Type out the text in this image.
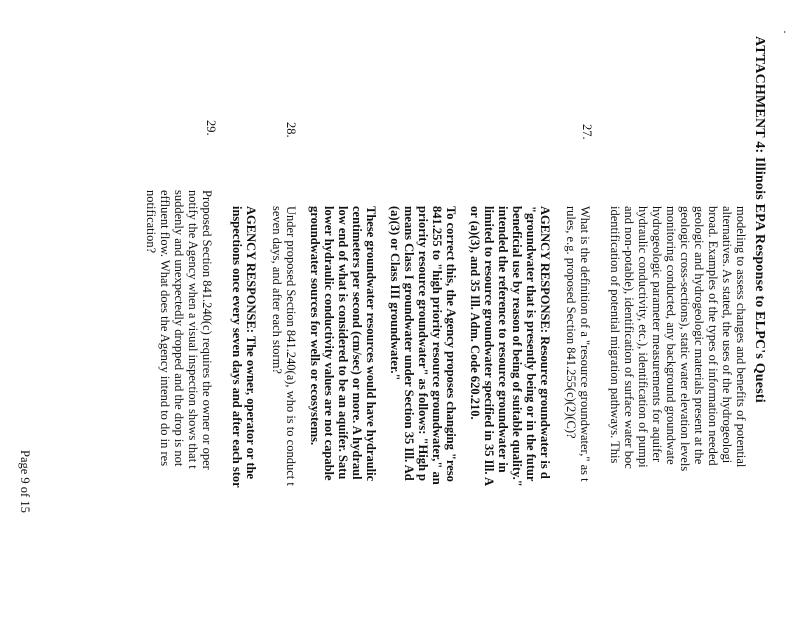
·
ATTACHMENT 4: Illinois EPA Response to ELPC's Questi
modeling to assess changes and benefits of potential
alternatives. As stated, the uses of the hydrogeologi
broad. Examples of the types of information needed
geologic and hydrogeologic materials present at the
geologic cross-sections), static water elevation levels
monitoring conducted, any background groundwate
hydrogeologic parameter measurements for aquifer
hydraulic conductivity, etc.), identification of pumpi
and non-potable), identification of surface water boc
identification of potential migration pathways. This
27.
What is the definition of a "resource groundwater," as t
rules, e.g. proposed Section 841.255(c)(2)(C)?
AGENCY RESPONSE: Resource groundwater is d
"groundwater that is presently being or in the futur
beneficial use by reason of being of suitable quality."
intended the reference to resource groundwater in
limited to resource groundwater specified in 35 Ill. A
or (a)(3), and 35 Ill. Adm. Code 620.210.
To correct this, the Agency proposes changing "reso
841.255 to "high priority resource groundwater," an
priority resource groundwater" as follows: "High p
means Class I groundwater under Section 35 Ill. Ad
(a)(3) or Class III groundwater."
These groundwater resources would have hydraulic
centimeters per second (cm/sec) or more. A hydraul
low end of what is considered to be an aquifer. Satu
lower hydraulic conductivity values are not capable
groundwater sources for wells or ecosystems.
28.
Under proposed Section 841.240(a), who is to conduct t
seven days, and after each storm?
AGENCY RESPONSE: The owner, operator or the
inspections once every seven days and after each stor
29.
Proposed Section 841.240(c) requires the owner or oper
notify the Agency when a visual inspection shows that t
suddenly and unexpectedly dropped and the drop is not
effluent flow. What does the Agency intend to do in res
notification?
Page 9 of 15
